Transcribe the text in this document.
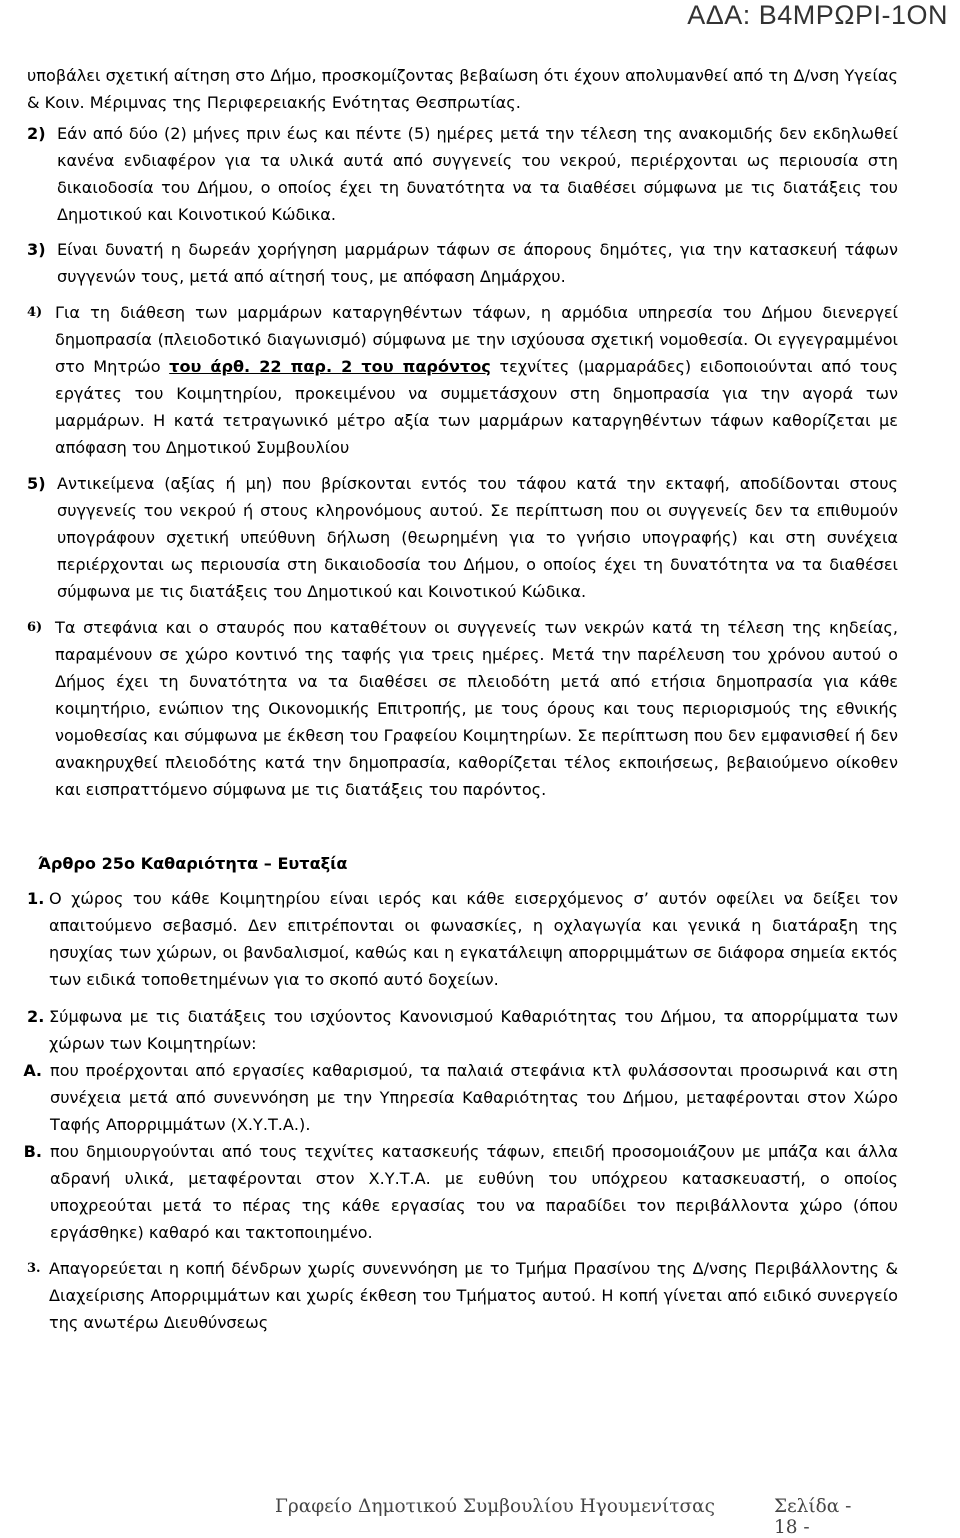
ΑΔΑ: Β4ΜΡΩΡΙ-1ΟΝ

υποβάλει σχετική αίτηση στο Δήμο, προσκομίζοντας βεβαίωση ότι έχουν απολυμανθεί από τη Δ/νση Υγείας & Κοιν. Μέριμνας της Περιφερειακής Ενότητας Θεσπρωτίας.

2) Εάν από δύο (2) μήνες πριν έως και πέντε (5) ημέρες μετά την τέλεση της ανακομιδής δεν εκδηλωθεί κανένα ενδιαφέρον για τα υλικά αυτά από συγγενείς του νεκρού, περιέρχονται ως περιουσία στη δικαιοδοσία του Δήμου, ο οποίος έχει τη δυνατότητα να τα διαθέσει σύμφωνα με τις διατάξεις του Δημοτικού και Κοινοτικού Κώδικα.
3) Είναι δυνατή η δωρεάν χορήγηση μαρμάρων τάφων σε άπορους δημότες, για την κατασκευή τάφων συγγενών τους, μετά από αίτησή τους, με απόφαση Δημάρχου.
4) Για τη διάθεση των μαρμάρων καταργηθέντων τάφων, η αρμόδια υπηρεσία του Δήμου διενεργεί δημοπρασία (πλειοδοτικό διαγωνισμό) σύμφωνα με την ισχύουσα σχετική νομοθεσία. Οι εγγεγραμμένοι στο Μητρώο του άρθ. 22 παρ. 2 του παρόντος τεχνίτες (μαρμαράδες) ειδοποιούνται από τους εργάτες του Κοιμητηρίου, προκειμένου να συμμετάσχουν στη δημοπρασία για την αγορά των μαρμάρων. Η κατά τετραγωνικό μέτρο αξία των μαρμάρων καταργηθέντων τάφων καθορίζεται με απόφαση του Δημοτικού Συμβουλίου
5) Αντικείμενα (αξίας ή μη) που βρίσκονται εντός του τάφου κατά την εκταφή, αποδίδονται στους συγγενείς του νεκρού ή στους κληρονόμους αυτού. Σε περίπτωση που οι συγγενείς δεν τα επιθυμούν υπογράφουν σχετική υπεύθυνη δήλωση (θεωρημένη για το γνήσιο υπογραφής) και στη συνέχεια περιέρχονται ως περιουσία στη δικαιοδοσία του Δήμου, ο οποίος έχει τη δυνατότητα να τα διαθέσει σύμφωνα με τις διατάξεις του Δημοτικού και Κοινοτικού Κώδικα.
6) Τα στεφάνια και ο σταυρός που καταθέτουν οι συγγενείς των νεκρών κατά τη τέλεση της κηδείας, παραμένουν σε χώρο κοντινό της ταφής για τρεις ημέρες. Μετά την παρέλευση του χρόνου αυτού ο Δήμος έχει τη δυνατότητα να τα διαθέσει σε πλειοδότη μετά από ετήσια δημοπρασία για κάθε κοιμητήριο, ενώπιον της Οικονομικής Επιτροπής, με τους όρους και τους περιορισμούς της εθνικής νομοθεσίας και σύμφωνα με έκθεση του Γραφείου Κοιμητηρίων. Σε περίπτωση που δεν εμφανισθεί ή δεν ανακηρυχθεί πλειοδότης κατά την δημοπρασία, καθορίζεται τέλος εκποιήσεως, βεβαιούμενο οίκοθεν και εισπραττόμενο σύμφωνα με τις διατάξεις του παρόντος.

Άρθρο 25ο Καθαριότητα – Ευταξία

1. Ο χώρος του κάθε Κοιμητηρίου είναι ιερός και κάθε εισερχόμενος σ’ αυτόν οφείλει να δείξει τον απαιτούμενο σεβασμό. Δεν επιτρέπονται οι φωνασκίες, η οχλαγωγία και γενικά η διατάραξη της ησυχίας των χώρων, οι βανδαλισμοί, καθώς και η εγκατάλειψη απορριμμάτων σε διάφορα σημεία εκτός των ειδικά τοποθετημένων για το σκοπό αυτό δοχείων.
2. Σύμφωνα με τις διατάξεις του ισχύοντος Κανονισμού Καθαριότητας του Δήμου, τα απορρίμματα των χώρων των Κοιμητηρίων:
Α. που προέρχονται από εργασίες καθαρισμού, τα παλαιά στεφάνια κτλ φυλάσσονται προσωρινά και στη συνέχεια μετά από συνεννόηση με την Υπηρεσία Καθαριότητας του Δήμου, μεταφέρονται στον Χώρο Ταφής Απορριμμάτων (Χ.Υ.Τ.Α.).
Β. που δημιουργούνται από τους τεχνίτες κατασκευής τάφων, επειδή προσομοιάζουν με μπάζα και άλλα αδρανή υλικά, μεταφέρονται στον Χ.Υ.Τ.Α. με ευθύνη του υπόχρεου κατασκευαστή, ο οποίος υποχρεούται μετά το πέρας της κάθε εργασίας του να παραδίδει τον περιβάλλοντα χώρο (όπου εργάσθηκε) καθαρό και τακτοποιημένο.
3. Απαγορεύεται η κοπή δένδρων χωρίς συνεννόηση με το Τμήμα Πρασίνου της Δ/νσης Περιβάλλοντης & Διαχείρισης Απορριμμάτων και χωρίς έκθεση του Τμήματος αυτού. Η κοπή γίνεται από ειδικό συνεργείο της ανωτέρω Διευθύνσεως
Γραφείο Δημοτικού Συμβουλίου Ηγουμενίτσας	Σελίδα - 18 -
